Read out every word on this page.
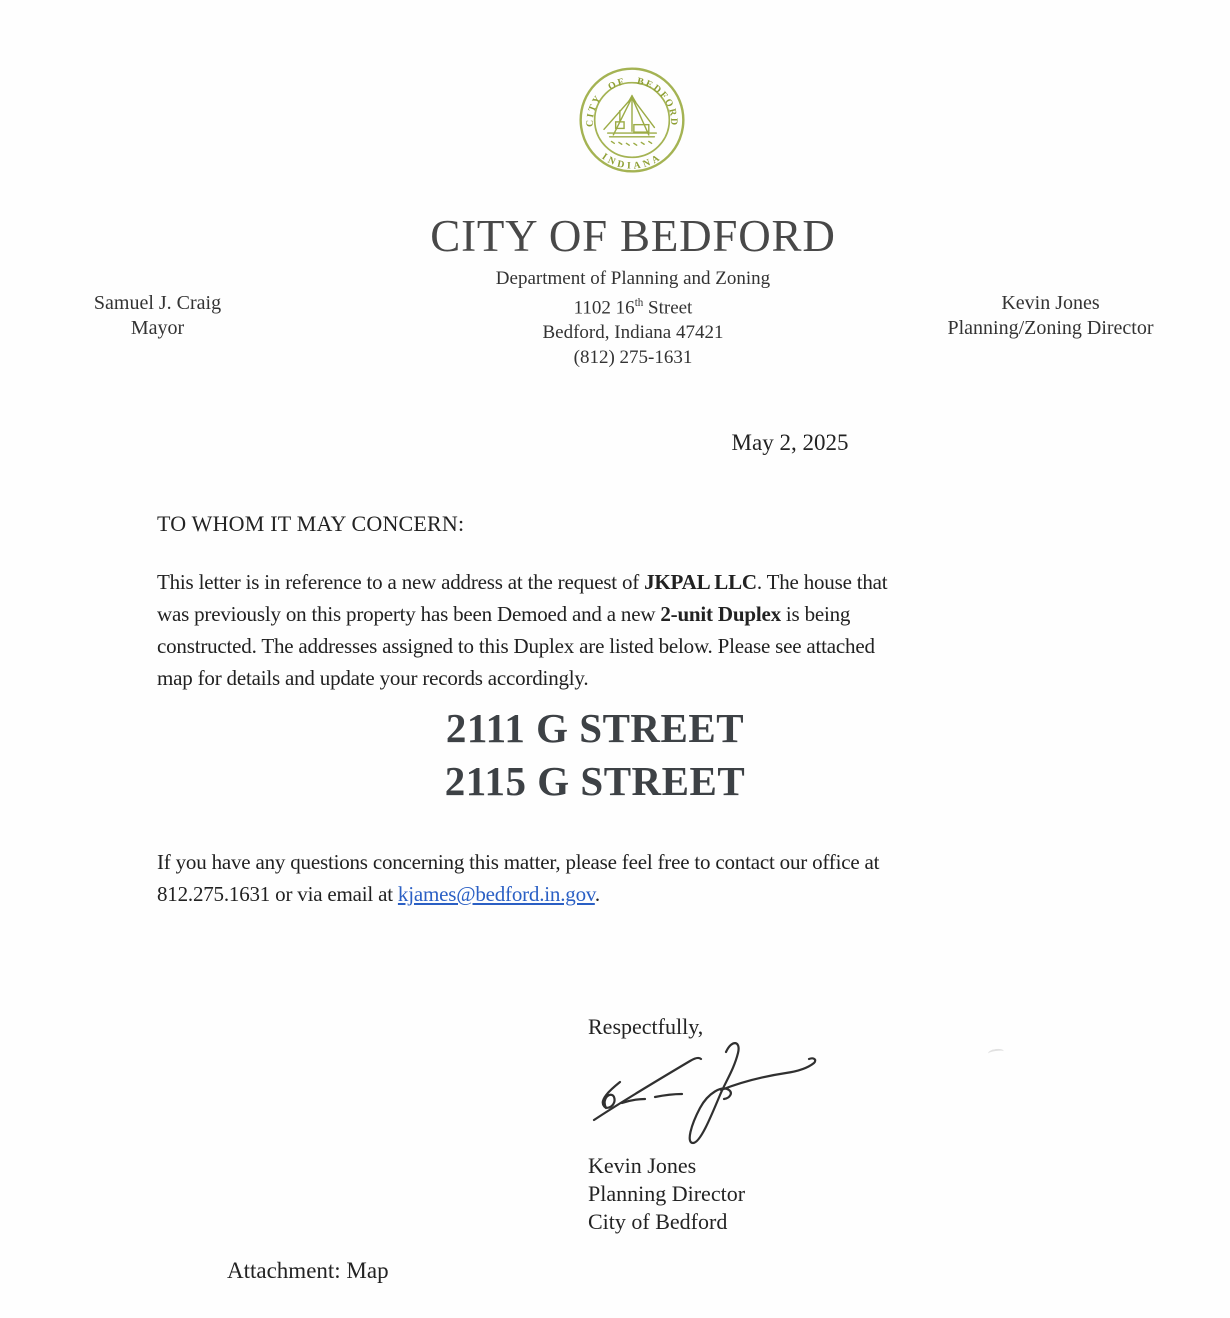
CITY OF BEDFORD
INDIANA
CITY OF BEDFORD
Department of Planning and Zoning
1102 16th Street
Bedford, Indiana 47421
(812) 275-1631
Samuel J. Craig
Mayor
Kevin Jones
Planning/Zoning Director
May 2, 2025
TO WHOM IT MAY CONCERN:
This letter is in reference to a new address at the request of JKPAL LLC. The house that
was previously on this property has been Demoed and a new 2-unit Duplex is being
constructed. The addresses assigned to this Duplex are listed below. Please see attached
map for details and update your records accordingly.
2111 G STREET
2115 G STREET
If you have any questions concerning this matter, please feel free to contact our office at
812.275.1631 or via email at kjames@bedford.in.gov.
Respectfully,
Kevin Jones
Planning Director
City of Bedford
Attachment: Map
